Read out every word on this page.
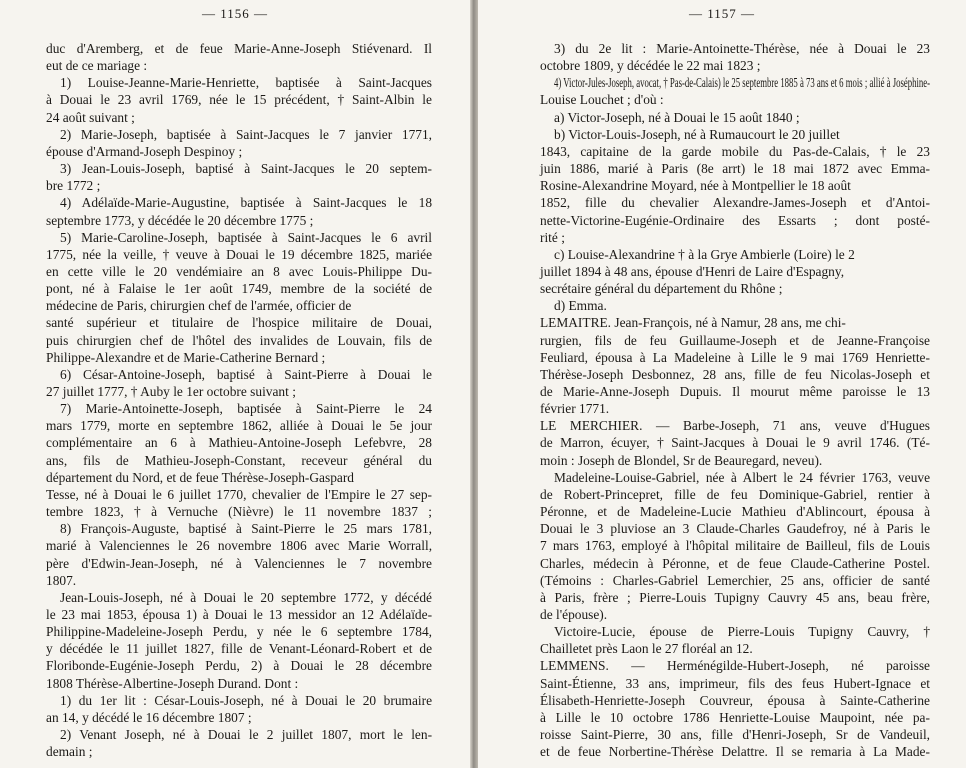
— 1156 —
duc d'Aremberg, et de feue Marie-Anne-Joseph Stiévenard. Il
eut de ce mariage :
1) Louise-Jeanne-Marie-Henriette, baptisée à Saint-Jacques
à Douai le 23 avril 1769, née le 15 précédent, † Saint-Albin le
24 août suivant ;
2) Marie-Joseph, baptisée à Saint-Jacques le 7 janvier 1771,
épouse d'Armand-Joseph Despinoy ;
3) Jean-Louis-Joseph, baptisé à Saint-Jacques le 20 septem-
bre 1772 ;
4) Adélaïde-Marie-Augustine, baptisée à Saint-Jacques le 18
septembre 1773, y décédée le 20 décembre 1775 ;
5) Marie-Caroline-Joseph, baptisée à Saint-Jacques le 6 avril
1775, née la veille, † veuve à Douai le 19 décembre 1825, mariée
en cette ville le 20 vendémiaire an 8 avec Louis-Philippe Du-
pont, né à Falaise le 1er août 1749, membre de la société de
médecine de Paris, chirurgien chef de l'armée, officier de
santé supérieur et titulaire de l'hospice militaire de Douai,
puis chirurgien chef de l'hôtel des invalides de Louvain, fils de
Philippe-Alexandre et de Marie-Catherine Bernard ;
6) César-Antoine-Joseph, baptisé à Saint-Pierre à Douai le
27 juillet 1777, † Auby le 1er octobre suivant ;
7) Marie-Antoinette-Joseph, baptisée à Saint-Pierre le 24
mars 1779, morte en septembre 1862, alliée à Douai le 5e jour
complémentaire an 6 à Mathieu-Antoine-Joseph Lefebvre, 28
ans, fils de Mathieu-Joseph-Constant, receveur général du
département du Nord, et de feue Thérèse-Joseph-Gaspard
Tesse, né à Douai le 6 juillet 1770, chevalier de l'Empire le 27 sep-
tembre 1823, † à Vernuche (Nièvre) le 11 novembre 1837 ;
8) François-Auguste, baptisé à Saint-Pierre le 25 mars 1781,
marié à Valenciennes le 26 novembre 1806 avec Marie Worrall,
père d'Edwin-Jean-Joseph, né à Valenciennes le 7 novembre
1807.
Jean-Louis-Joseph, né à Douai le 20 septembre 1772, y décédé
le 23 mai 1853, épousa 1) à Douai le 13 messidor an 12 Adélaïde-
Philippine-Madeleine-Joseph Perdu, y née le 6 septembre 1784,
y décédée le 11 juillet 1827, fille de Venant-Léonard-Robert et de
Floribonde-Eugénie-Joseph Perdu, 2) à Douai le 28 décembre
1808 Thérèse-Albertine-Joseph Durand. Dont :
1) du 1er lit : César-Louis-Joseph, né à Douai le 20 brumaire
an 14, y décédé le 16 décembre 1807 ;
2) Venant Joseph, né à Douai le 2 juillet 1807, mort le len-
demain ;
— 1157 —
3) du 2e lit : Marie-Antoinette-Thérèse, née à Douai le 23
octobre 1809, y décédée le 22 mai 1823 ;
4) Victor-Jules-Joseph, avocat, † Pas-de-Calais) le 25 septembre 1885 à 73 ans et 6 mois ; allié à Joséphine-
Louise Louchet ; d'où :
a) Victor-Joseph, né à Douai le 15 août 1840 ;
b) Victor-Louis-Joseph, né à Rumaucourt le 20 juillet
1843, capitaine de la garde mobile du Pas-de-Calais, † le 23
juin 1886, marié à Paris (8e arrt) le 18 mai 1872 avec Emma-
Rosine-Alexandrine Moyard, née à Montpellier le 18 août
1852, fille du chevalier Alexandre-James-Joseph et d'Antoi-
nette-Victorine-Eugénie-Ordinaire des Essarts ; dont posté-
rité ;
c) Louise-Alexandrine † à la Grye Ambierle (Loire) le 2
juillet 1894 à 48 ans, épouse d'Henri de Laire d'Espagny,
secrétaire général du département du Rhône ;
d) Emma.
LEMAITRE. Jean-François, né à Namur, 28 ans, me chi-
rurgien, fils de feu Guillaume-Joseph et de Jeanne-Françoise
Feuliard, épousa à La Madeleine à Lille le 9 mai 1769 Henriette-
Thérèse-Joseph Desbonnez, 28 ans, fille de feu Nicolas-Joseph et
de Marie-Anne-Joseph Dupuis. Il mourut même paroisse le 13
février 1771.
LE MERCHIER. — Barbe-Joseph, 71 ans, veuve d'Hugues
de Marron, écuyer, † Saint-Jacques à Douai le 9 avril 1746. (Té-
moin : Joseph de Blondel, Sr de Beauregard, neveu).
Madeleine-Louise-Gabriel, née à Albert le 24 février 1763, veuve
de Robert-Princepret, fille de feu Dominique-Gabriel, rentier à
Péronne, et de Madeleine-Lucie Mathieu d'Ablincourt, épousa à
Douai le 3 pluviose an 3 Claude-Charles Gaudefroy, né à Paris le
7 mars 1763, employé à l'hôpital militaire de Bailleul, fils de Louis
Charles, médecin à Péronne, et de feue Claude-Catherine Postel.
(Témoins : Charles-Gabriel Lemerchier, 25 ans, officier de santé
à Paris, frère ; Pierre-Louis Tupigny Cauvry 45 ans, beau frère,
de l'épouse).
Victoire-Lucie, épouse de Pierre-Louis Tupigny Cauvry, †
Chailletet près Laon le 27 floréal an 12.
LEMMENS. — Herménégilde-Hubert-Joseph, né paroisse
Saint-Étienne, 33 ans, imprimeur, fils des feus Hubert-Ignace et
Élisabeth-Henriette-Joseph Couvreur, épousa à Sainte-Catherine
à Lille le 10 octobre 1786 Henriette-Louise Maupoint, née pa-
roisse Saint-Pierre, 30 ans, fille d'Henri-Joseph, Sr de Vandeuil,
et de feue Norbertine-Thérèse Delattre. Il se remaria à La Made-
